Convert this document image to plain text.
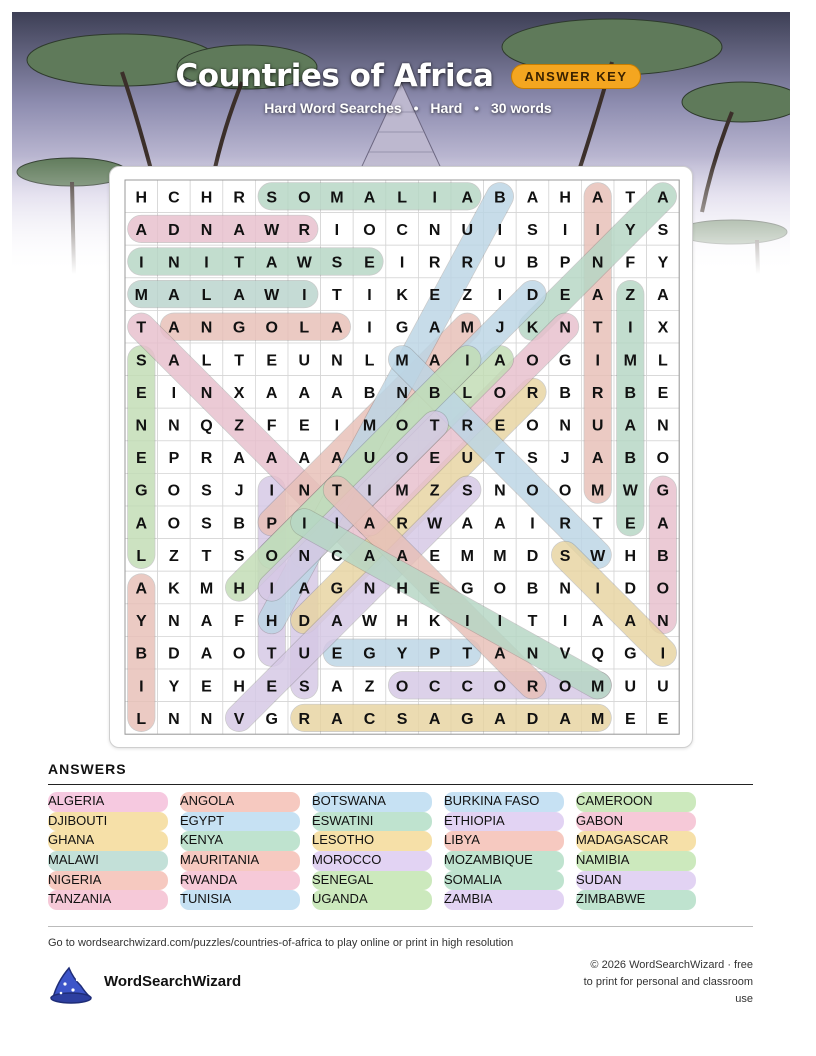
Countries of Africa	ANSWER KEY
Hard Word Searches • Hard • 30 words
H C H R S O M A L I A B A H A T A
A D N A W R I O C N U I S I I Y S
I N I T A W S E I R R U B P N F Y
M A L A W I T I K E Z I D E A Z A
T A N G O L A I G A M J K N T I X
S A L T E U N L M A I A O G I M L
E I N X A A A B N B L O R B R B E
N N Q Z F E I M O T R E O N U A N
E P R A A A A U O E U T S J A B O
G O S J I N T I M Z S N O O M W G
A O S B P I I A R W A A I R T E A
L Z T S O N C A A E M M D S W H B
A K M H I A G N H E G O B N I D O
Y N A F H D A W H K I I T I A A N
B D A O T U E G Y P T A N V Q G I
I Y E H E S A Z O C C O R O M U U
L N N V G R A C S A G A D A M E E
ANSWERS
ALGERIA	ANGOLA	BOTSWANA	BURKINA FASO	CAMEROON
DJIBOUTI	EGYPT	ESWATINI	ETHIOPIA	GABON
GHANA	KENYA	LESOTHO	LIBYA	MADAGASCAR
MALAWI	MAURITANIA	MOROCCO	MOZAMBIQUE	NAMIBIA
NIGERIA	RWANDA	SENEGAL	SOMALIA	SUDAN
TANZANIA	TUNISIA	UGANDA	ZAMBIA	ZIMBABWE
Go to wordsearchwizard.com/puzzles/countries-of-africa to play online or print in high resolution
WordSearchWizard
© 2026 WordSearchWizard · free to print for personal and classroom use
